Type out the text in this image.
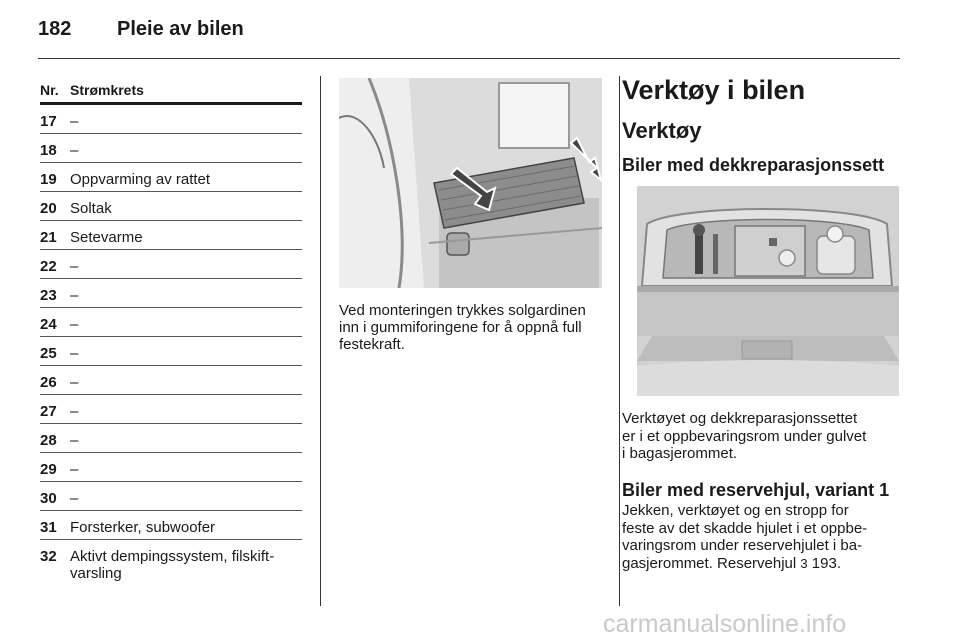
182 Pleie av bilen
Nr. Strømkrets
17 –
18 –
19 Oppvarming av rattet
20 Soltak
21 Setevarme
22 –
23 –
24 –
25 –
26 –
27 –
28 –
29 –
30 –
31 Forsterker, subwoofer
32 Aktivt dempingssystem, filskift-
varsling
Ved monteringen trykkes solgardinen
inn i gummiforingene for å oppnå full
festekraft.
Verktøy i bilen
Verktøy
Biler med dekkreparasjonssett
Verktøyet og dekkreparasjonssettet
er i et oppbevaringsrom under gulvet
i bagasjerommet.
Biler med reservehjul, variant 1
Jekken, verktøyet og en stropp for
feste av det skadde hjulet i et oppbe-
varingsrom under reservehjulet i ba-
gasjerommet. Reservehjul 3 193.
carmanualsonline.info
